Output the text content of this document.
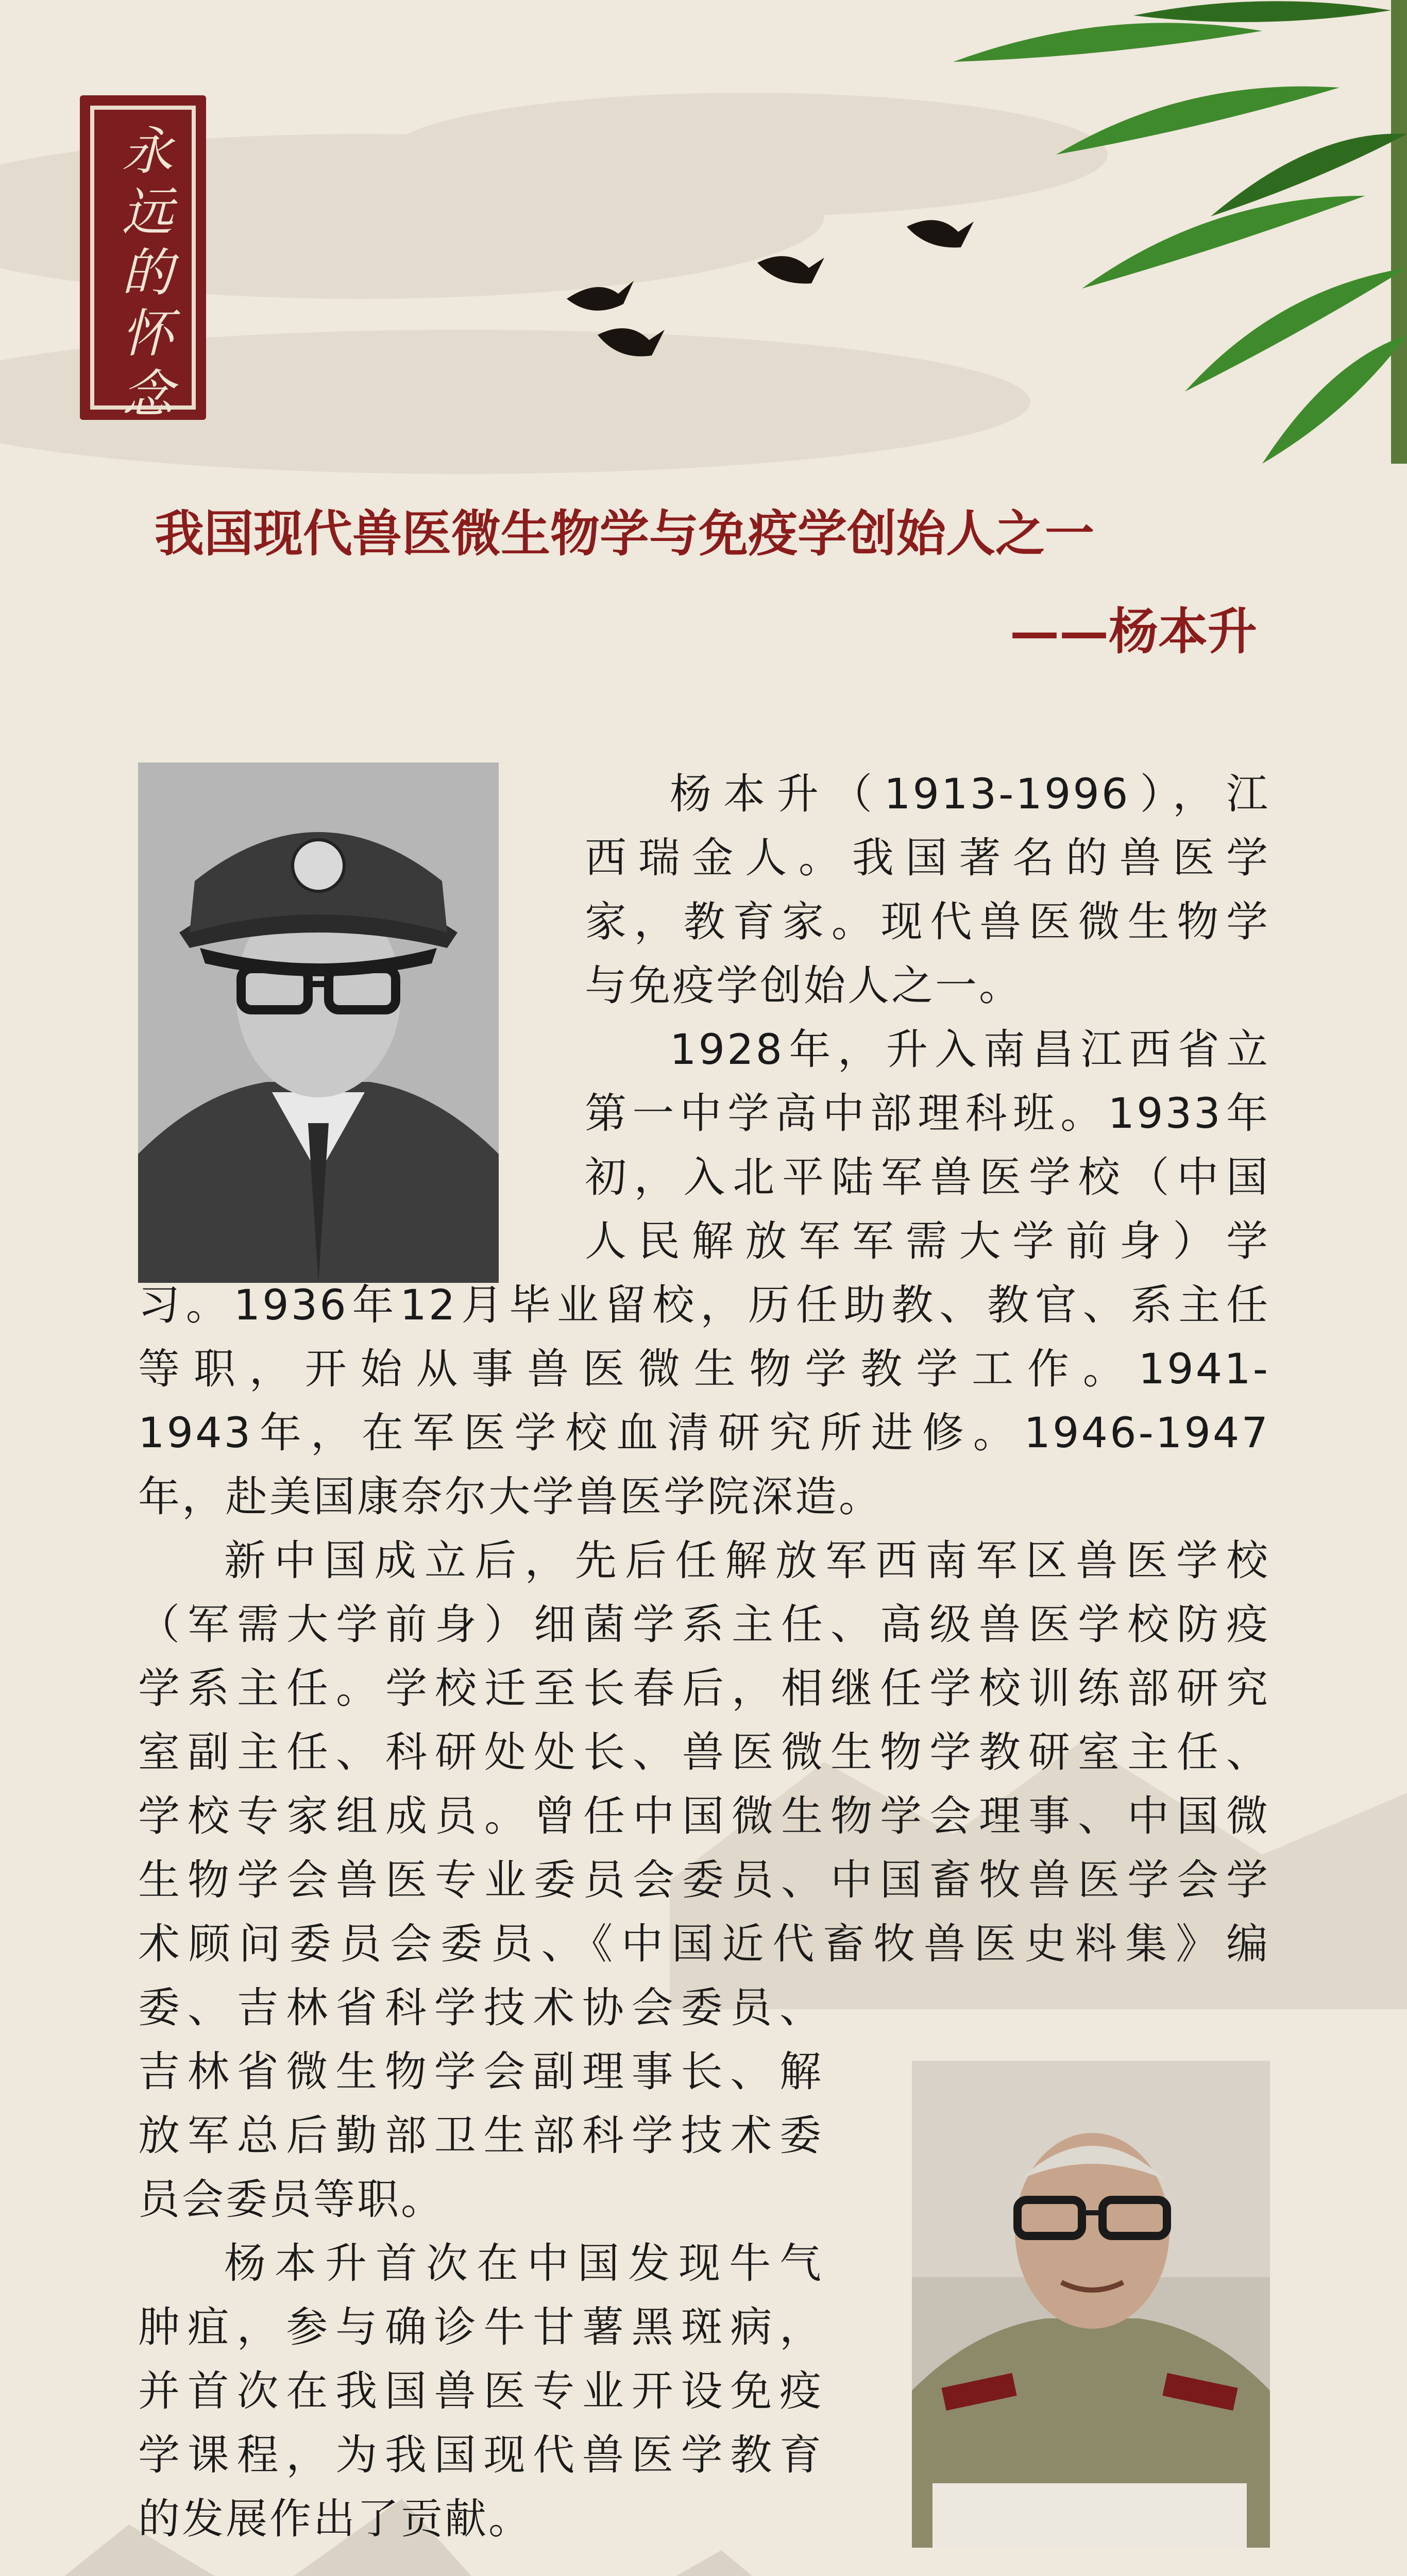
永远的怀念
我国现代兽医微生物学与免疫学创始人之一
——杨本升

杨本升（1913-1996），江

西瑞金人。我国著名的兽医学

家，教育家。现代兽医微生物学

与免疫学创始人之一。

1928年，升入南昌江西省立

第一中学高中部理科班。1933年

初，入北平陆军兽医学校（中国

人民解放军军需大学前身）学

习。1936年12月毕业留校，历任助教、教官、系主任

等职，开始从事兽医微生物学教学工作。1941-

1943年，在军医学校血清研究所进修。1946-1947

年，赴美国康奈尔大学兽医学院深造。

新中国成立后，先后任解放军西南军区兽医学校

（军需大学前身）细菌学系主任、高级兽医学校防疫

学系主任。学校迁至长春后，相继任学校训练部研究

室副主任、科研处处长、兽医微生物学教研室主任、

学校专家组成员。曾任中国微生物学会理事、中国微

生物学会兽医专业委员会委员、中国畜牧兽医学会学

术顾问委员会委员、《中国近代畜牧兽医史料集》编

委、吉林省科学技术协会委员、

吉林省微生物学会副理事长、解

放军总后勤部卫生部科学技术委

员会委员等职。

杨本升首次在中国发现牛气

肿疽，参与确诊牛甘薯黑斑病，

并首次在我国兽医专业开设免疫

学课程，为我国现代兽医学教育

的发展作出了贡献。
